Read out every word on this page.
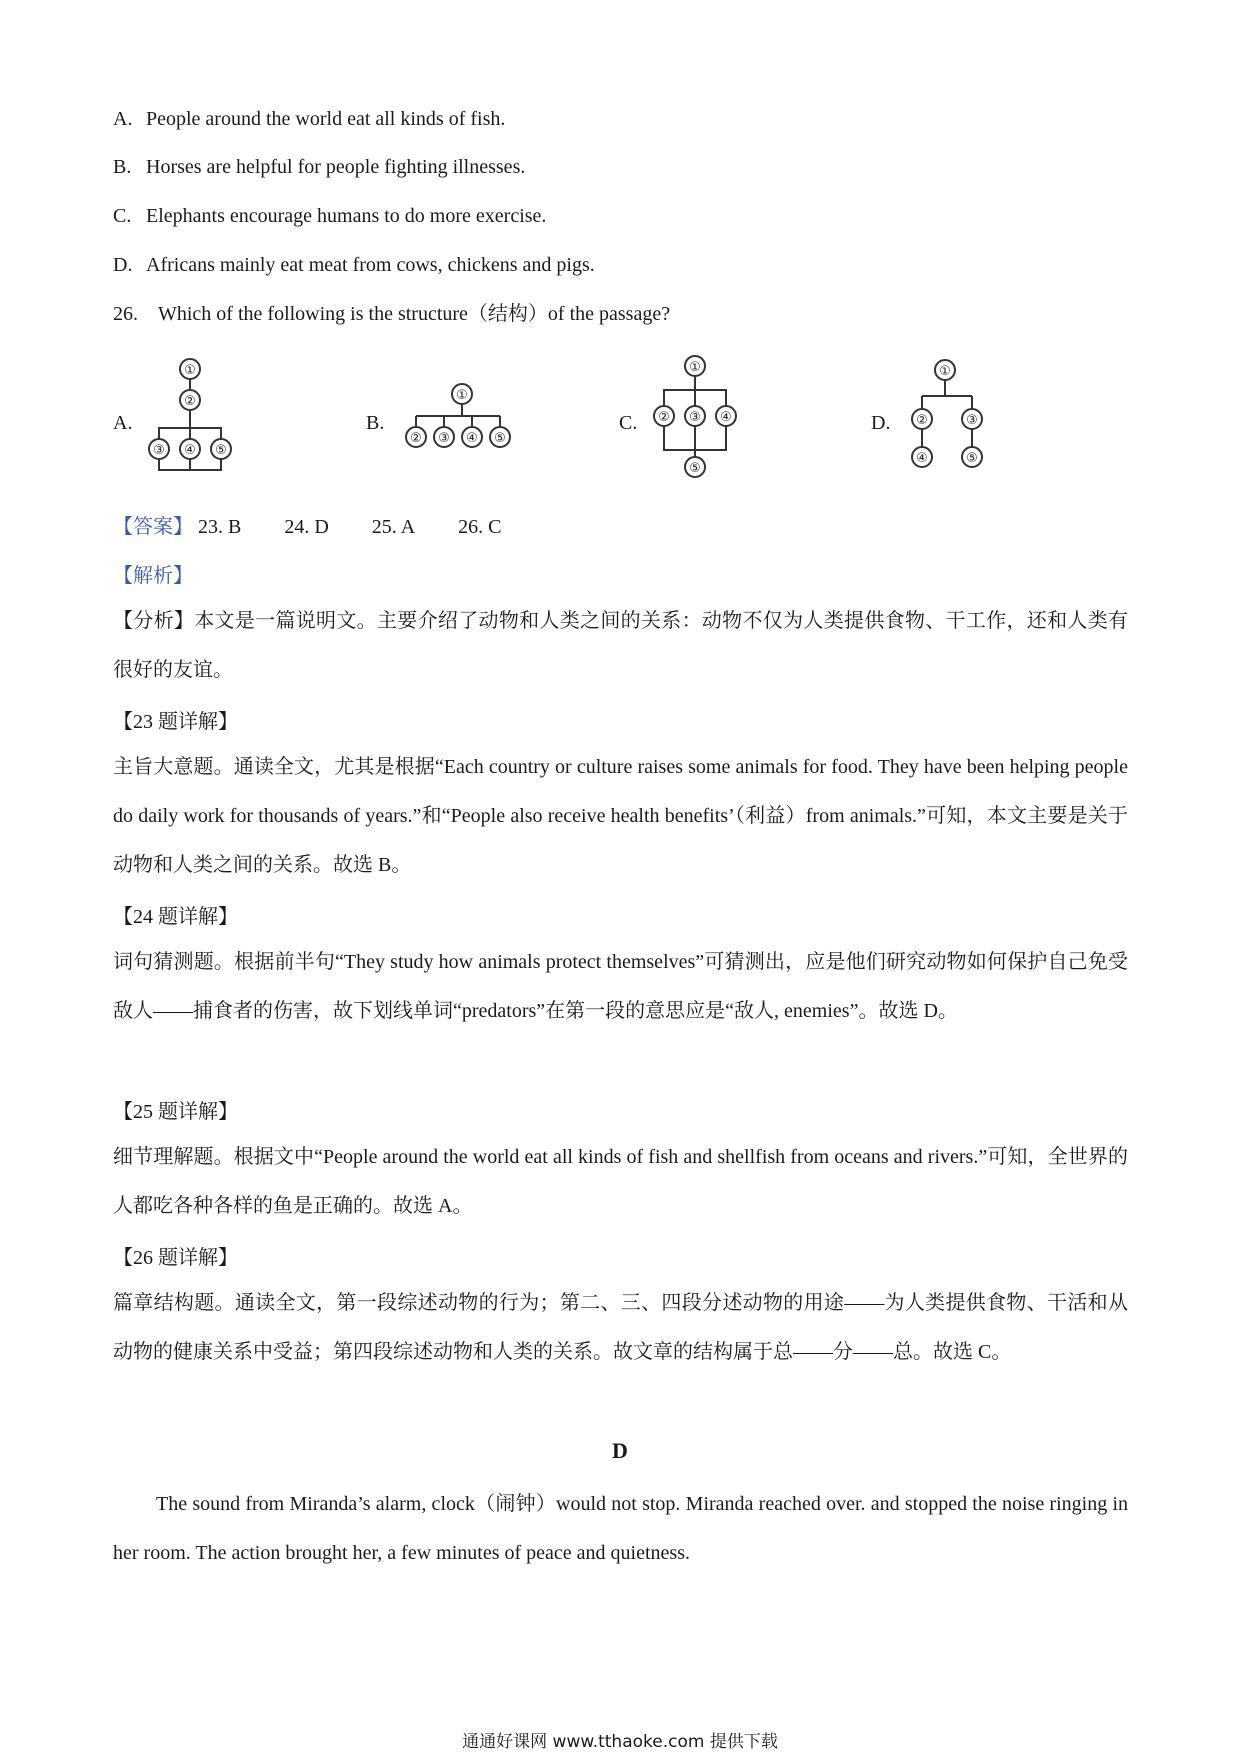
A. People around the world eat all kinds of fish.
B. Horses are helpful for people fighting illnesses.
C. Elephants encourage humans to do more exercise.
D. Africans mainly eat meat from cows, chickens and pigs.
26. Which of the following is the structure（结构）of the passage?
A.
①
②
③ ④ ⑤
B.
①
② ③ ④ ⑤
C.
①
② ③ ④
⑤
D.
①
②	③
④	⑤
【答案】 23. B 24. D 25. A 26. C
【解析】
【分析】本文是一篇说明文。主要介绍了动物和人类之间的关系：动物不仅为人类提供食物、干工作，还和人类有很好的友谊。
【23 题详解】
主旨大意题。通读全文，尤其是根据“Each country or culture raises some animals for food. They have been helping people do daily work for thousands of years.”和“People also receive health benefits’（利益）from animals.”可知，本文主要是关于动物和人类之间的关系。故选 B。
【24 题详解】
词句猜测题。根据前半句“They study how animals protect themselves”可猜测出，应是他们研究动物如何保护自己免受敌人——捕食者的伤害，故下划线单词“predators”在第一段的意思应是“敌人, enemies”。故选 D。
【25 题详解】
细节理解题。根据文中“People around the world eat all kinds of fish and shellfish from oceans and rivers.”可知，全世界的人都吃各种各样的鱼是正确的。故选 A。
【26 题详解】
篇章结构题。通读全文，第一段综述动物的行为；第二、三、四段分述动物的用途——为人类提供食物、干活和从动物的健康关系中受益；第四段综述动物和人类的关系。故文章的结构属于总——分——总。故选 C。
D
The sound from Miranda’s alarm, clock（闹钟）would not stop. Miranda reached over. and stopped the noise ringing in her room. The action brought her, a few minutes of peace and quietness.
通通好课网 www.tthaoke.com 提供下载
